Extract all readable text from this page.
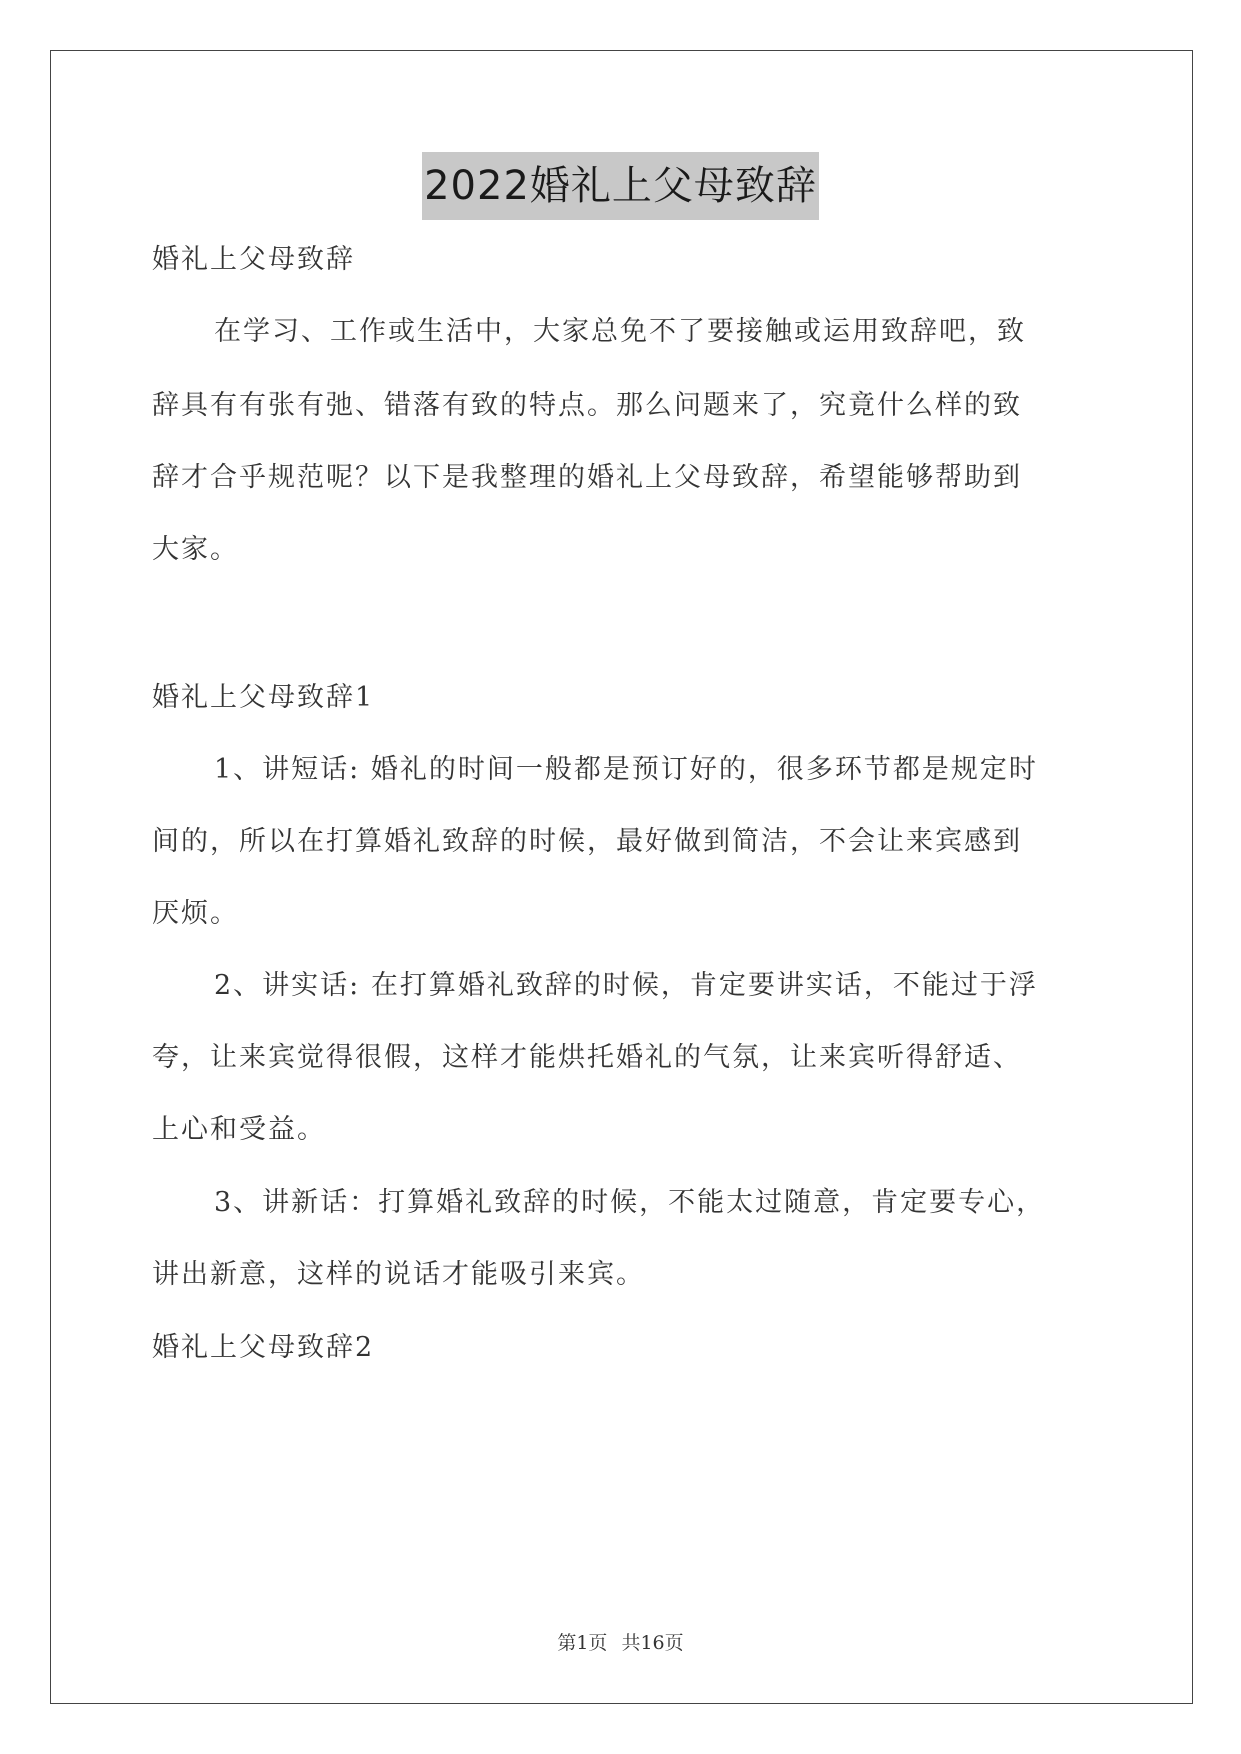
2022婚礼上父母致辞
婚礼上父母致辞
在学习、工作或生活中，大家总免不了要接触或运用致辞吧，致
辞具有有张有弛、错落有致的特点。那么问题来了，究竟什么样的致
辞才合乎规范呢？以下是我整理的婚礼上父母致辞，希望能够帮助到
大家。
婚礼上父母致辞1
1、讲短话: 婚礼的时间一般都是预订好的，很多环节都是规定时
间的，所以在打算婚礼致辞的时候，最好做到简洁，不会让来宾感到
厌烦。
2、讲实话: 在打算婚礼致辞的时候，肯定要讲实话，不能过于浮
夸，让来宾觉得很假，这样才能烘托婚礼的气氛，让来宾听得舒适、
上心和受益。
3、讲新话：打算婚礼致辞的时候，不能太过随意，肯定要专心，
讲出新意，这样的说话才能吸引来宾。
婚礼上父母致辞2
第1页 共16页
